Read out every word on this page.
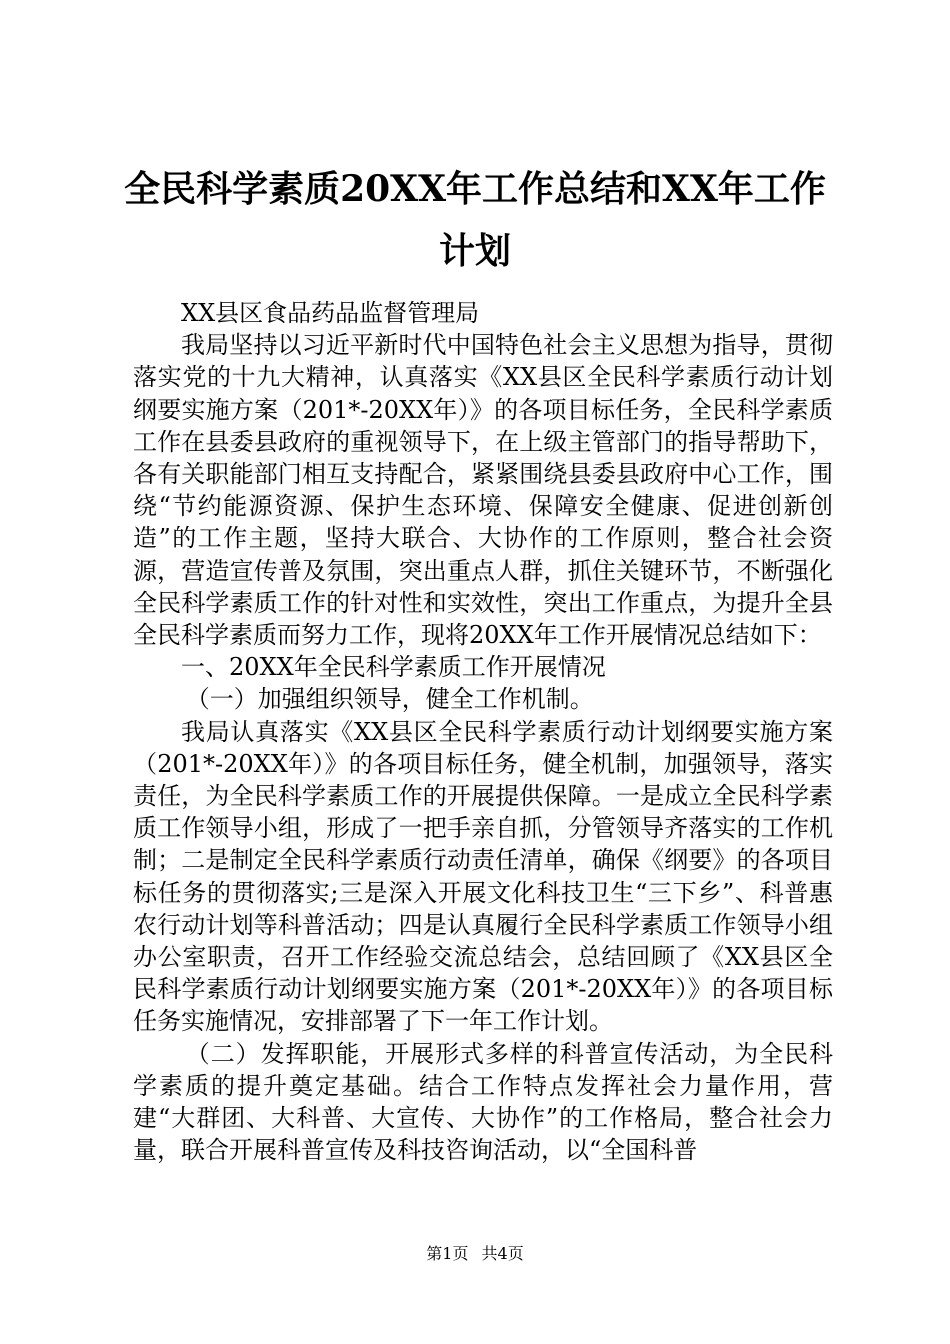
全民科学素质20XX年工作总结和XX年工作计划

XX县区食品药品监督管理局

我局坚持以习近平新时代中国特色社会主义思想为指导，贯彻落实党的十九大精神，认真落实《XX县区全民科学素质行动计划纲要实施方案（201*-20XX年）》的各项目标任务，全民科学素质工作在县委县政府的重视领导下，在上级主管部门的指导帮助下，各有关职能部门相互支持配合，紧紧围绕县委县政府中心工作，围绕“节约能源资源、保护生态环境、保障安全健康、促进创新创造”的工作主题，坚持大联合、大协作的工作原则，整合社会资源，营造宣传普及氛围，突出重点人群，抓住关键环节，不断强化全民科学素质工作的针对性和实效性，突出工作重点，为提升全县全民科学素质而努力工作，现将20XX年工作开展情况总结如下：

一、20XX年全民科学素质工作开展情况

（一）加强组织领导，健全工作机制。

我局认真落实《XX县区全民科学素质行动计划纲要实施方案（201*-20XX年）》的各项目标任务，健全机制，加强领导，落实责任，为全民科学素质工作的开展提供保障。一是成立全民科学素质工作领导小组，形成了一把手亲自抓，分管领导齐落实的工作机制；二是制定全民科学素质行动责任清单，确保《纲要》的各项目标任务的贯彻落实;三是深入开展文化科技卫生“三下乡”、科普惠农行动计划等科普活动；四是认真履行全民科学素质工作领导小组办公室职责，召开工作经验交流总结会，总结回顾了《XX县区全民科学素质行动计划纲要实施方案（201*-20XX年）》的各项目标任务实施情况，安排部署了下一年工作计划。

（二）发挥职能，开展形式多样的科普宣传活动，为全民科学素质的提升奠定基础。结合工作特点发挥社会力量作用，营建“大群团、大科普、大宣传、大协作”的工作格局，整合社会力量，联合开展科普宣传及科技咨询活动，以“全国科普

第1页 共4页
